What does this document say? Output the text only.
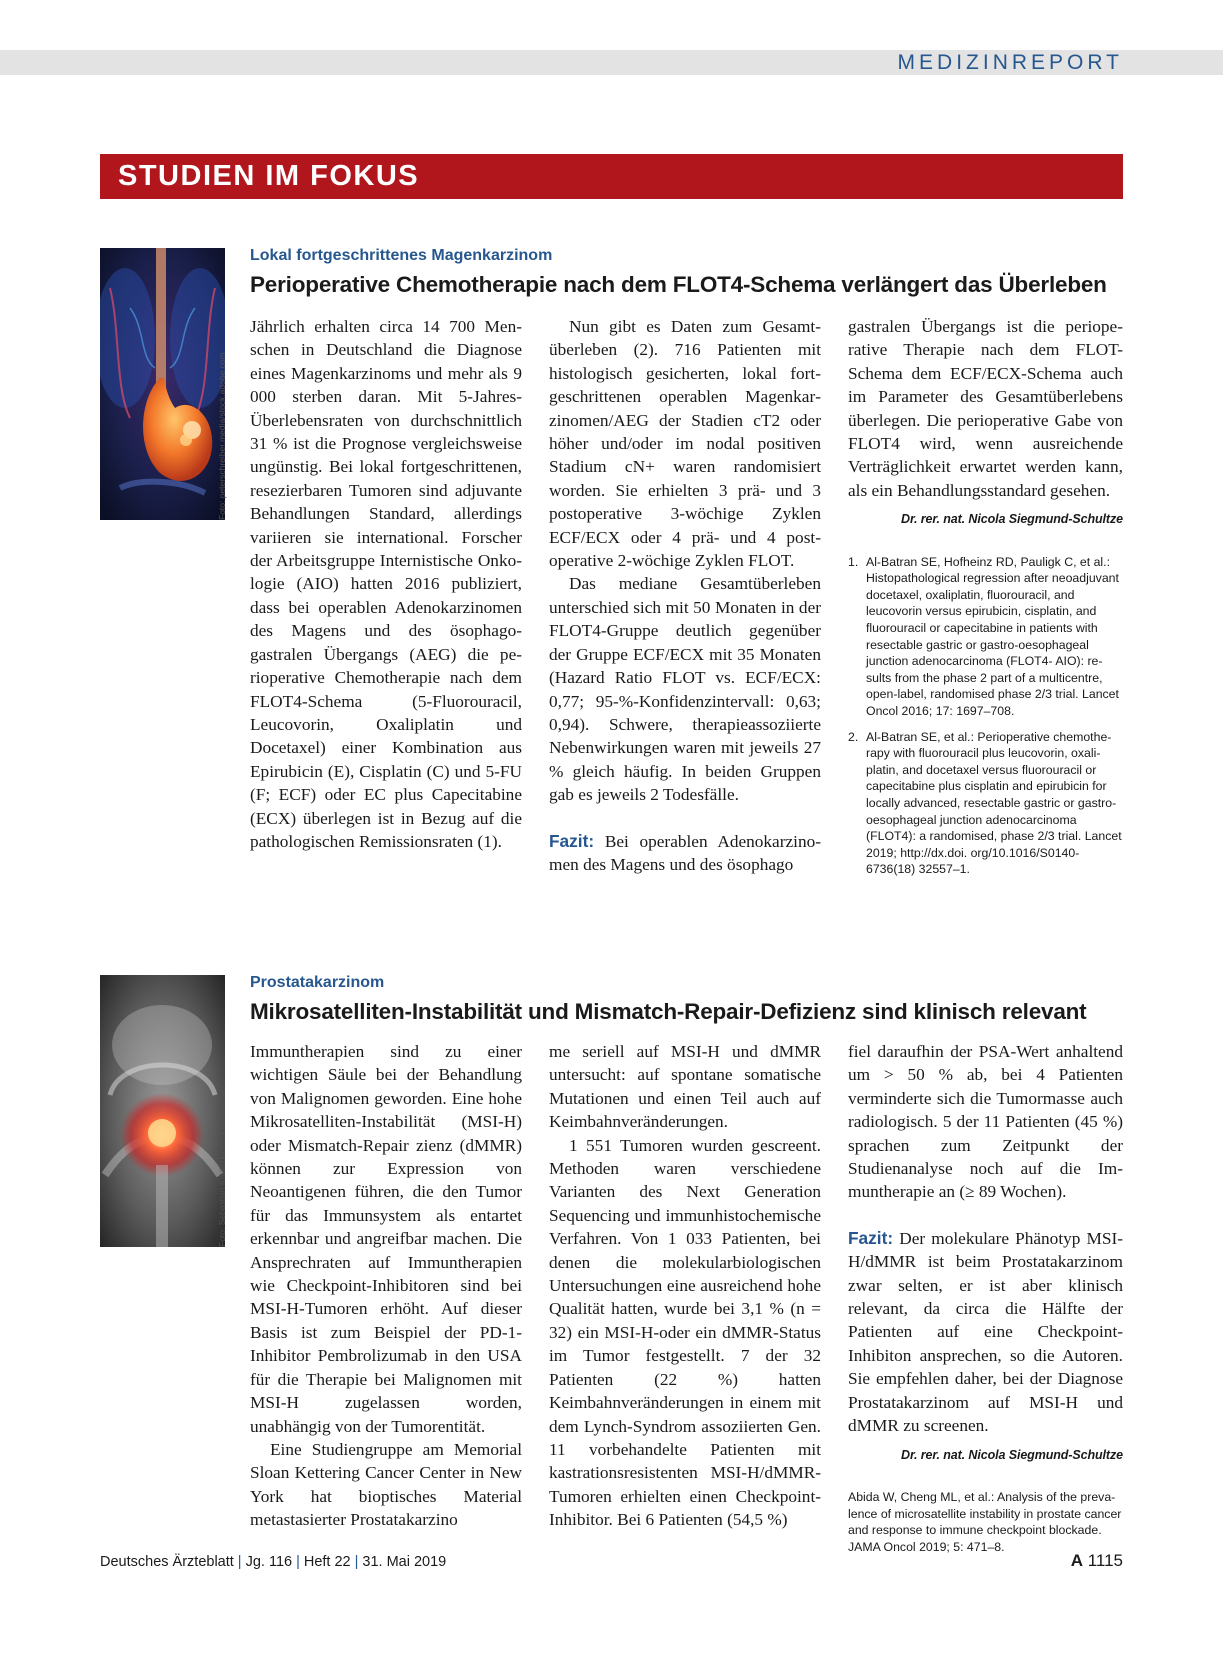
MEDIZINREPORT
STUDIEN IM FOKUS
Foto: peterschreiber.media/stock.adobe.com
Lokal fortgeschrittenes Magenkarzinom
Perioperative Chemotherapie nach dem FLOT4-Schema verlängert das Überleben

Jährlich erhalten circa 14 700 Menschen in Deutschland die Diagnose eines Magenkarzinoms und mehr als 9 000 sterben daran. Mit 5-Jahres-Überlebensraten von durchschnittlich 31 % ist die Prognose vergleichsweise ungünstig. Bei lokal fortgeschrittenen, resezierbaren Tumoren sind adjuvante Behandlungen Standard, allerdings variieren sie international. Forscher der Arbeitsgruppe Internistische Onkologie (AIO) hatten 2016 publiziert, dass bei operablen Adenokarzinomen des Magens und des ösophagogastralen Übergangs (AEG) die perioperative Chemotherapie nach dem FLOT4-Schema (5-Fluorouracil, Leucovorin, Oxaliplatin und Docetaxel) einer Kombination aus Epirubicin (E), Cisplatin (C) und 5-FU (F; ECF) oder EC plus Capecitabine (ECX) überlegen ist in Bezug auf die pathologischen Remissionsraten (1).

Nun gibt es Daten zum Gesamtüberleben (2). 716 Patienten mit histologisch gesicherten, lokal fortgeschrittenen operablen Magenkarzinomen/AEG der Stadien cT2 oder höher und/oder im nodal positiven Stadium cN+ waren randomisiert worden. Sie erhielten 3 prä- und 3 postoperative 3-wöchige Zyklen ECF/ECX oder 4 prä- und 4 postoperative 2-wöchige Zyklen FLOT.

Das mediane Gesamtüberleben unterschied sich mit 50 Monaten in der FLOT4-Gruppe deutlich gegenüber der Gruppe ECF/ECX mit 35 Monaten (Hazard Ratio FLOT vs. ECF/ECX: 0,77; 95-%-Konfidenzintervall: 0,63; 0,94). Schwere, therapieassoziierte Nebenwirkungen waren mit jeweils 27 % gleich häufig. In beiden Gruppen gab es jeweils 2 Todesfälle.

Fazit: Bei operablen Adenokarzinomen des Magens und des ösophago

gastralen Übergangs ist die perioperative Therapie nach dem FLOT-Schema dem ECF/ECX-Schema auch im Parameter des Gesamtüberlebens überlegen. Die perioperative Gabe von FLOT4 wird, wenn ausreichende Verträglichkeit erwartet werden kann, als ein Behandlungsstandard gesehen.

Dr. rer. nat. Nicola Siegmund-Schultze
1. Al-Batran SE, Hofheinz RD, Pauligk C, et al.: Histopathological regression after neoadjuvant docetaxel, oxaliplatin, fluorouracil, and leucovorin versus epirubicin, cisplatin, and fluorouracil or capecitabine in patients with resectable gastric or gastro-oesophageal junction adenocarcinoma (FLOT4- AIO): results from the phase 2 part of a multicentre, open-label, randomised phase 2/3 trial. Lancet Oncol 2016; 17: 1697–708.
2. Al-Batran SE, et al.: Perioperative chemotherapy with fluorouracil plus leucovorin, oxaliplatin, and docetaxel versus fluorouracil or capecitabine plus cisplatin and epirubicin for locally advanced, resectable gastric or gastro-oesophageal junction adenocarcinoma (FLOT4): a randomised, phase 2/3 trial. Lancet 2019; http://dx.doi. org/10.1016/S0140-6736(18) 32557–1.
Foto: Sebastian Kaulitzki/stock.adobe.com
Prostatakarzinom
Mikrosatelliten-Instabilität und Mismatch-Repair-Defizienz sind klinisch relevant

Immuntherapien sind zu einer wichtigen Säule bei der Behandlung von Malignomen geworden. Eine hohe Mikrosatelliten-Instabilität (MSI-H) oder Mismatch-Repair zienz (dMMR) können zur Expression von Neoantigenen führen, die den Tumor für das Immunsystem als entartet erkennbar und angreifbar machen. Die Ansprechraten auf Immuntherapien wie Checkpoint-Inhibitoren sind bei MSI-H-Tumoren erhöht. Auf dieser Basis ist zum Beispiel der PD-1-Inhibitor Pembrolizumab in den USA für die Therapie bei Malignomen mit MSI-H zugelassen worden, unabhängig von der Tumorentität.

Eine Studiengruppe am Memorial Sloan Kettering Cancer Center in New York hat bioptisches Material metastasierter Prostatakarzino

me seriell auf MSI-H und dMMR untersucht: auf spontane somatische Mutationen und einen Teil auch auf Keimbahnveränderungen.

1 551 Tumoren wurden gescreent. Methoden waren verschiedene Varianten des Next Generation Sequencing und immunhistochemische Verfahren. Von 1 033 Patienten, bei denen die molekularbiologischen Untersuchungen eine ausreichend hohe Qualität hatten, wurde bei 3,1 % (n = 32) ein MSI-H-oder ein dMMR-Status im Tumor festgestellt. 7 der 32 Patienten (22 %) hatten Keimbahnveränderungen in einem mit dem Lynch-Syndrom assoziierten Gen. 11 vorbehandelte Patienten mit kastrationsresistenten MSI-H/dMMR-Tumoren erhielten einen Checkpoint-Inhibitor. Bei 6 Patienten (54,5 %)

fiel daraufhin der PSA-Wert anhaltend um > 50 % ab, bei 4 Patienten verminderte sich die Tumormasse auch radiologisch. 5 der 11 Patienten (45 %) sprachen zum Zeitpunkt der Studienanalyse noch auf die Immuntherapie an (≥ 89 Wochen).

Fazit: Der molekulare Phänotyp MSI-H/dMMR ist beim Prostatakarzinom zwar selten, er ist aber klinisch relevant, da circa die Hälfte der Patienten auf eine Checkpoint-Inhibiton ansprechen, so die Autoren. Sie empfehlen daher, bei der Diagnose Prostatakarzinom auf MSI-H und dMMR zu screenen.

Dr. rer. nat. Nicola Siegmund-Schultze
Abida W, Cheng ML, et al.: Analysis of the prevalence of microsatellite instability in prostate cancer and response to immune checkpoint blockade. JAMA Oncol 2019; 5: 471–8.
Deutsches Ärzteblatt | Jg. 116 | Heft 22 | 31. Mai 2019	A 1115
